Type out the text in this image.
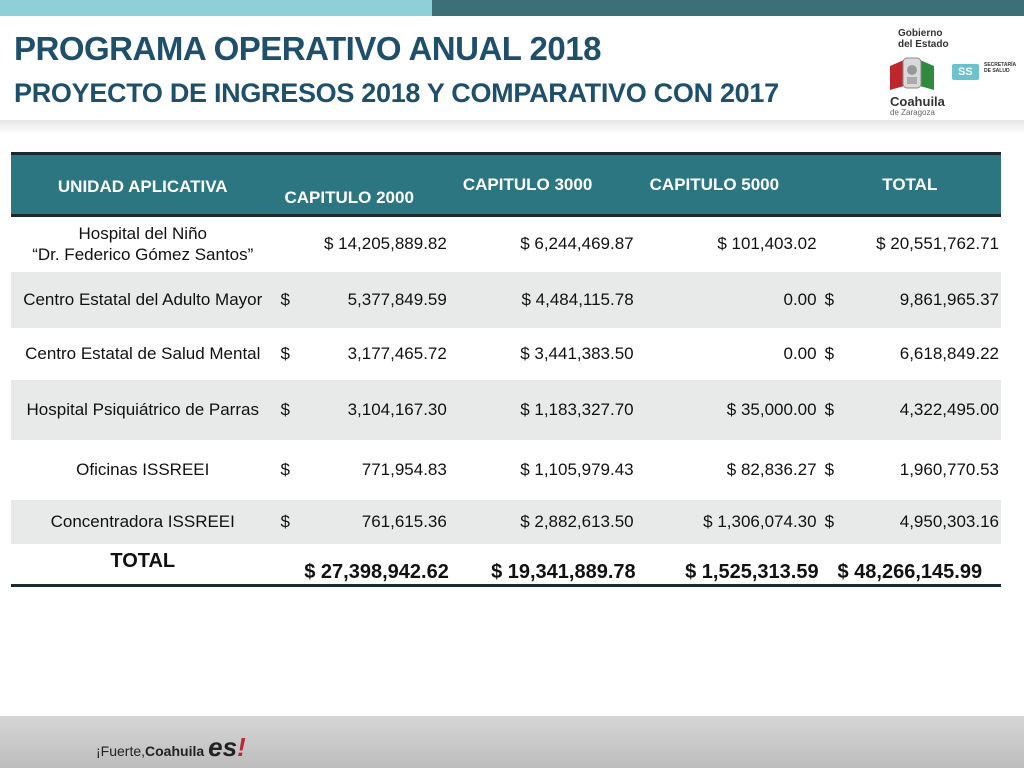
PROGRAMA OPERATIVO ANUAL 2018
PROYECTO DE INGRESOS 2018 Y COMPARATIVO CON 2017
Gobierno
del Estado
SS
SECRETARÍA
DE SALUD
Coahuila
de Zaragoza
UNIDAD APLICATIVA	CAPITULO 2000	CAPITULO 3000	CAPITULO 5000	TOTAL

Hospital del Niño
“Dr. Federico Gómez Santos”	$ 14,205,889.82	$ 6,244,469.87	$ 101,403.02	$ 20,551,762.71
Centro Estatal del Adulto Mayor	$ 5,377,849.59	$ 4,484,115.78	0.00	$ 9,861,965.37
Centro Estatal de Salud Mental	$ 3,177,465.72	$ 3,441,383.50	0.00	$ 6,618,849.22
Hospital Psiquiátrico de Parras	$ 3,104,167.30	$ 1,183,327.70	$ 35,000.00	$ 4,322,495.00
Oficinas ISSREEI	$ 771,954.83	$ 1,105,979.43	$ 82,836.27	$ 1,960,770.53
Concentradora ISSREEI	$ 761,615.36	$ 2,882,613.50	$ 1,306,074.30	$ 4,950,303.16
TOTAL	$ 27,398,942.62	$ 19,341,889.78	$ 1,525,313.59	$ 48,266,145.99
¡Fuerte,Coahuila es!
